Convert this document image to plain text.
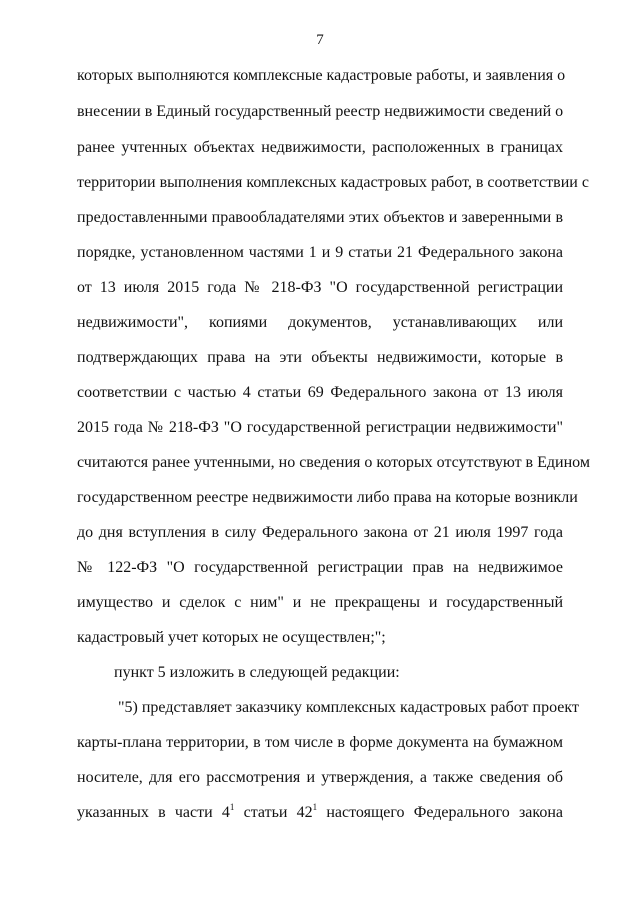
7
которых выполняются комплексные кадастровые работы, и заявления о
внесении в Единый государственный реестр недвижимости сведений о
ранее учтенных объектах недвижимости, расположенных в границах
территории выполнения комплексных кадастровых работ, в соответствии с
предоставленными правообладателями этих объектов и заверенными в
порядке, установленном частями 1 и 9 статьи 21 Федерального закона
от 13 июля 2015 года № 218-ФЗ "О государственной регистрации
недвижимости", копиями документов, устанавливающих или
подтверждающих права на эти объекты недвижимости, которые в
соответствии с частью 4 статьи 69 Федерального закона от 13 июля
2015 года № 218-ФЗ "О государственной регистрации недвижимости"
считаются ранее учтенными, но сведения о которых отсутствуют в Едином
государственном реестре недвижимости либо права на которые возникли
до дня вступления в силу Федерального закона от 21 июля 1997 года
№ 122-ФЗ "О государственной регистрации прав на недвижимое
имущество и сделок с ним" и не прекращены и государственный
кадастровый учет которых не осуществлен;";
пункт 5 изложить в следующей редакции:
"5) представляет заказчику комплексных кадастровых работ проект
карты-плана территории, в том числе в форме документа на бумажном
носителе, для его рассмотрения и утверждения, а также сведения об
указанных в части $4^1$ статьи $42^1$ настоящего Федерального закона
